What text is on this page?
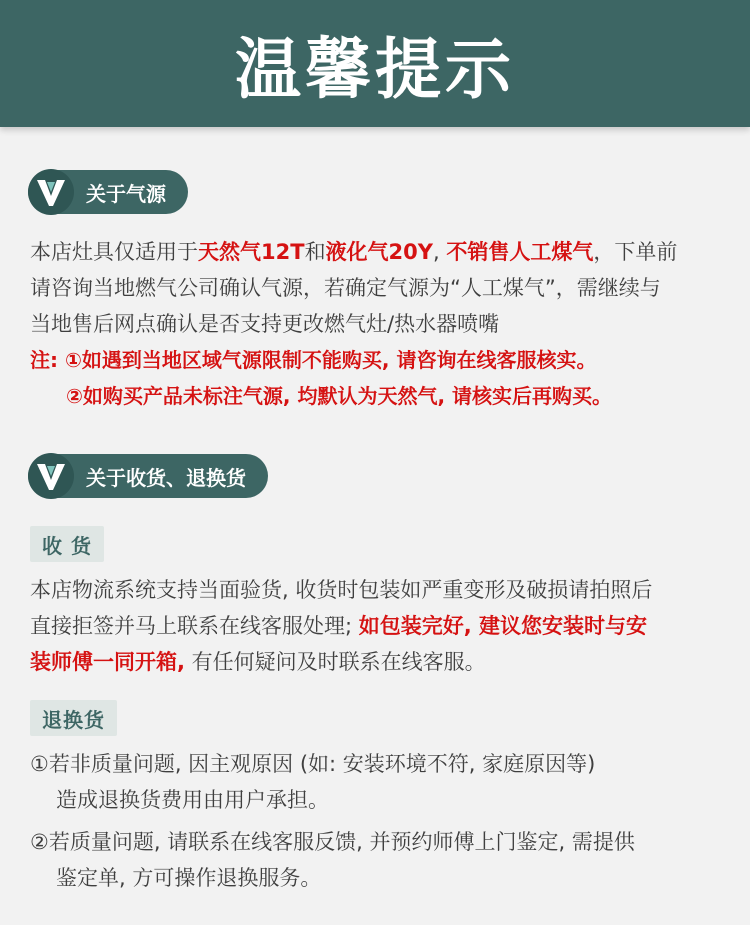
温馨提示
关于气源
本店灶具仅适用于天然气12T和液化气20Y, 不销售人工煤气，下单前
请咨询当地燃气公司确认气源，若确定气源为“人工煤气”，需继续与
当地售后网点确认是否支持更改燃气灶/热水器喷嘴
注: ①如遇到当地区域气源限制不能购买, 请咨询在线客服核实。
②如购买产品未标注气源, 均默认为天然气, 请核实后再购买。
关于收货、退换货
收 货
本店物流系统支持当面验货, 收货时包装如严重变形及破损请拍照后
直接拒签并马上联系在线客服处理; 如包装完好, 建议您安装时与安
装师傅一同开箱, 有任何疑问及时联系在线客服。
退换货
①若非质量问题, 因主观原因 (如: 安装环境不符, 家庭原因等)
造成退换货费用由用户承担。
②若质量问题, 请联系在线客服反馈, 并预约师傅上门鉴定, 需提供
鉴定单, 方可操作退换服务。
